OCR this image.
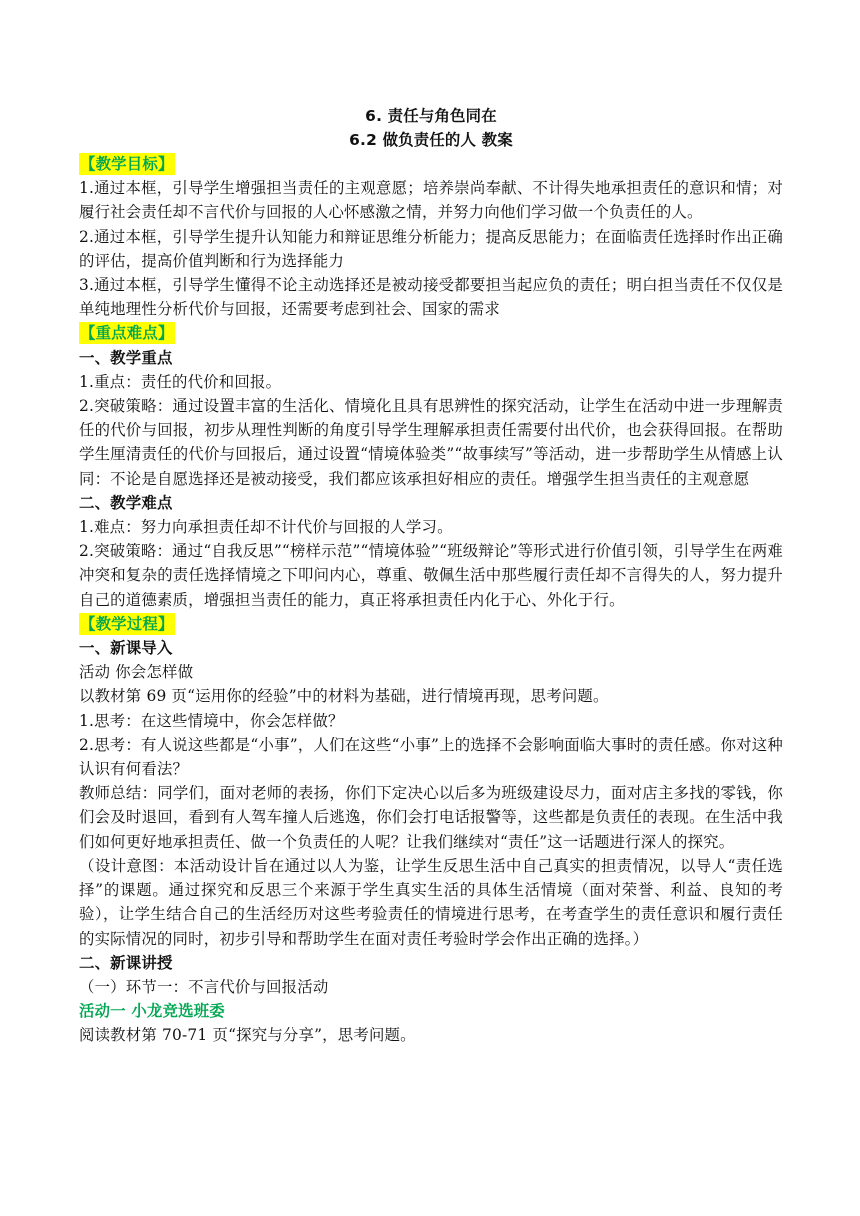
6. 责任与角色同在
6.2 做负责任的人 教案
【教学目标】

1.通过本框，引导学生增强担当责任的主观意愿；培养崇尚奉献、不计得失地承担责任的意识和情；对履行社会责任却不言代价与回报的人心怀感激之情，并努力向他们学习做一个负责任的人。

2.通过本框，引导学生提升认知能力和辩证思维分析能力；提高反思能力；在面临责任选择时作出正确的评估，提高价值判断和行为选择能力

3.通过本框，引导学生懂得不论主动选择还是被动接受都要担当起应负的责任；明白担当责任不仅仅是单纯地理性分析代价与回报，还需要考虑到社会、国家的需求

【重点难点】

一、教学重点

1.重点：责任的代价和回报。

2.突破策略：通过设置丰富的生活化、情境化且具有思辨性的探究活动，让学生在活动中进一步理解责任的代价与回报，初步从理性判断的角度引导学生理解承担责任需要付出代价，也会获得回报。在帮助学生厘清责任的代价与回报后，通过设置“情境体验类”“故事续写”等活动，进一步帮助学生从情感上认同：不论是自愿选择还是被动接受，我们都应该承担好相应的责任。增强学生担当责任的主观意愿

二、教学难点

1.难点：努力向承担责任却不计代价与回报的人学习。

2.突破策略：通过“自我反思”“榜样示范”“情境体验”“班级辩论”等形式进行价值引领，引导学生在两难冲突和复杂的责任选择情境之下叩问内心，尊重、敬佩生活中那些履行责任却不言得失的人，努力提升自己的道德素质，增强担当责任的能力，真正将承担责任内化于心、外化于行。

【教学过程】

一、新课导入

活动 你会怎样做

以教材第 69 页“运用你的经验”中的材料为基础，进行情境再现，思考问题。

1.思考：在这些情境中，你会怎样做？

2.思考：有人说这些都是“小事”，人们在这些“小事”上的选择不会影响面临大事时的责任感。你对这种认识有何看法？

教师总结：同学们，面对老师的表扬，你们下定决心以后多为班级建设尽力，面对店主多找的零钱，你们会及时退回，看到有人驾车撞人后逃逸，你们会打电话报警等，这些都是负责任的表现。在生活中我们如何更好地承担责任、做一个负责任的人呢？让我们继续对“责任”这一话题进行深人的探究。

（设计意图：本活动设计旨在通过以人为鉴，让学生反思生活中自己真实的担责情况，以导人“责任选择”的课题。通过探究和反思三个来源于学生真实生活的具体生活情境（面对荣誉、利益、良知的考验），让学生结合自己的生活经历对这些考验责任的情境进行思考，在考查学生的责任意识和履行责任的实际情况的同时，初步引导和帮助学生在面对责任考验时学会作出正确的选择。）

二、新课讲授

（一）环节一：不言代价与回报活动

活动一 小龙竞选班委

阅读教材第 70-71 页“探究与分享”，思考问题。
